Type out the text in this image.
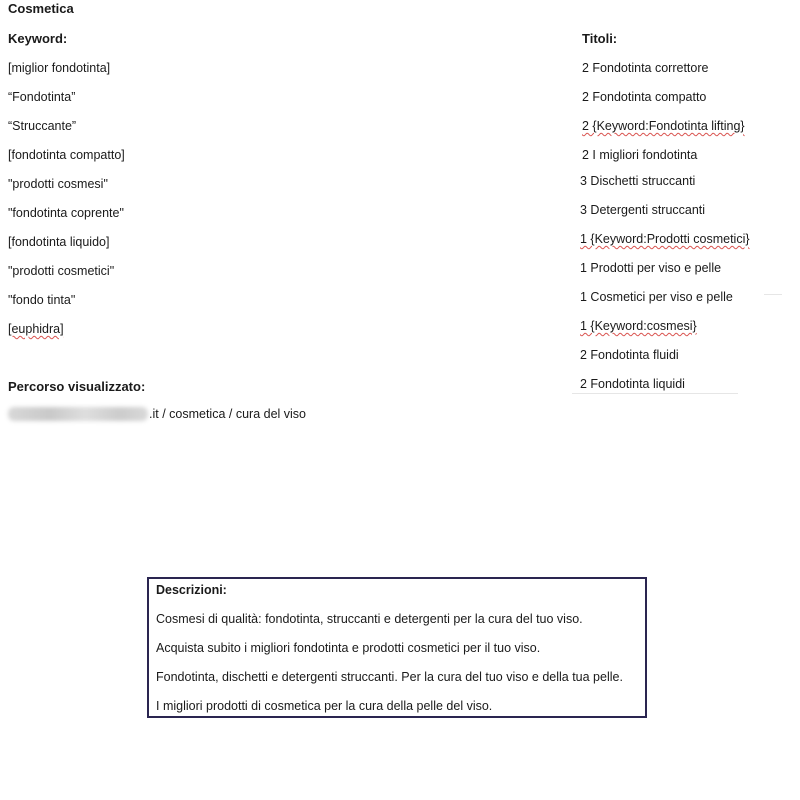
Cosmetica
Keyword:	Titoli:
[miglior fondotinta]
“Fondotinta”
“Struccante”
[fondotinta compatto]
"prodotti cosmesi"
"fondotinta coprente"
[fondotinta liquido]
"prodotti cosmetici"
"fondo tinta"
[euphidra]
2 Fondotinta correttore
2 Fondotinta compatto
2 {Keyword:Fondotinta lifting}
2 I migliori fondotinta
3 Dischetti struccanti
3 Detergenti struccanti
1 {Keyword:Prodotti cosmetici}
1 Prodotti per viso e pelle
1 Cosmetici per viso e pelle
1 {Keyword:cosmesi}
2 Fondotinta fluidi
2 Fondotinta liquidi
Percorso visualizzato:
.it / cosmetica / cura del viso
Descrizioni:
Cosmesi di qualità: fondotinta, struccanti e detergenti per la cura del tuo viso.
Acquista subito i migliori fondotinta e prodotti cosmetici per il tuo viso.
Fondotinta, dischetti e detergenti struccanti. Per la cura del tuo viso e della tua pelle.
I migliori prodotti di cosmetica per la cura della pelle del viso.
